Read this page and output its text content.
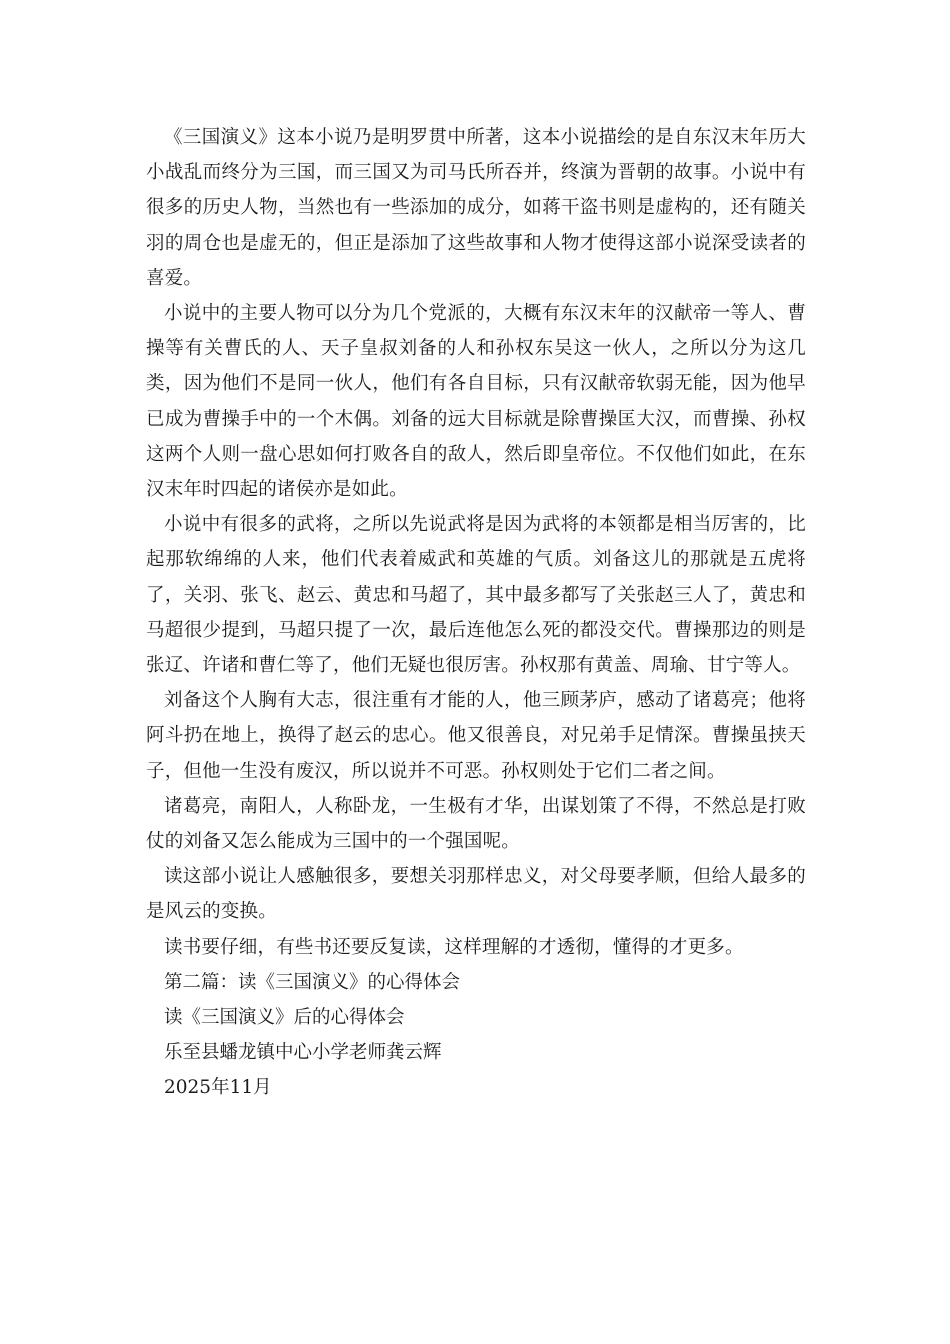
《三国演义》这本小说乃是明罗贯中所著，这本小说描绘的是自东汉末年历大小战乱而终分为三国，而三国又为司马氏所吞并，终演为晋朝的故事。小说中有很多的历史人物，当然也有一些添加的成分，如蒋干盗书则是虚构的，还有随关羽的周仓也是虚无的，但正是添加了这些故事和人物才使得这部小说深受读者的喜爱。

小说中的主要人物可以分为几个党派的，大概有东汉末年的汉献帝一等人、曹操等有关曹氏的人、天子皇叔刘备的人和孙权东吴这一伙人，之所以分为这几类，因为他们不是同一伙人，他们有各自目标，只有汉献帝软弱无能，因为他早已成为曹操手中的一个木偶。刘备的远大目标就是除曹操匡大汉，而曹操、孙权这两个人则一盘心思如何打败各自的敌人，然后即皇帝位。不仅他们如此，在东汉末年时四起的诸侯亦是如此。

小说中有很多的武将，之所以先说武将是因为武将的本领都是相当厉害的，比起那软绵绵的人来，他们代表着威武和英雄的气质。刘备这儿的那就是五虎将了，关羽、张飞、赵云、黄忠和马超了，其中最多都写了关张赵三人了，黄忠和马超很少提到，马超只提了一次，最后连他怎么死的都没交代。曹操那边的则是张辽、许诸和曹仁等了，他们无疑也很厉害。孙权那有黄盖、周瑜、甘宁等人。

刘备这个人胸有大志，很注重有才能的人，他三顾茅庐，感动了诸葛亮；他将阿斗扔在地上，换得了赵云的忠心。他又很善良，对兄弟手足情深。曹操虽挟天子，但他一生没有废汉，所以说并不可恶。孙权则处于它们二者之间。

诸葛亮，南阳人，人称卧龙，一生极有才华，出谋划策了不得，不然总是打败仗的刘备又怎么能成为三国中的一个强国呢。

读这部小说让人感触很多，要想关羽那样忠义，对父母要孝顺，但给人最多的是风云的变换。

读书要仔细，有些书还要反复读，这样理解的才透彻，懂得的才更多。

第二篇：读《三国演义》的心得体会

读《三国演义》后的心得体会

乐至县蟠龙镇中心小学老师龚云辉

2025年11月
